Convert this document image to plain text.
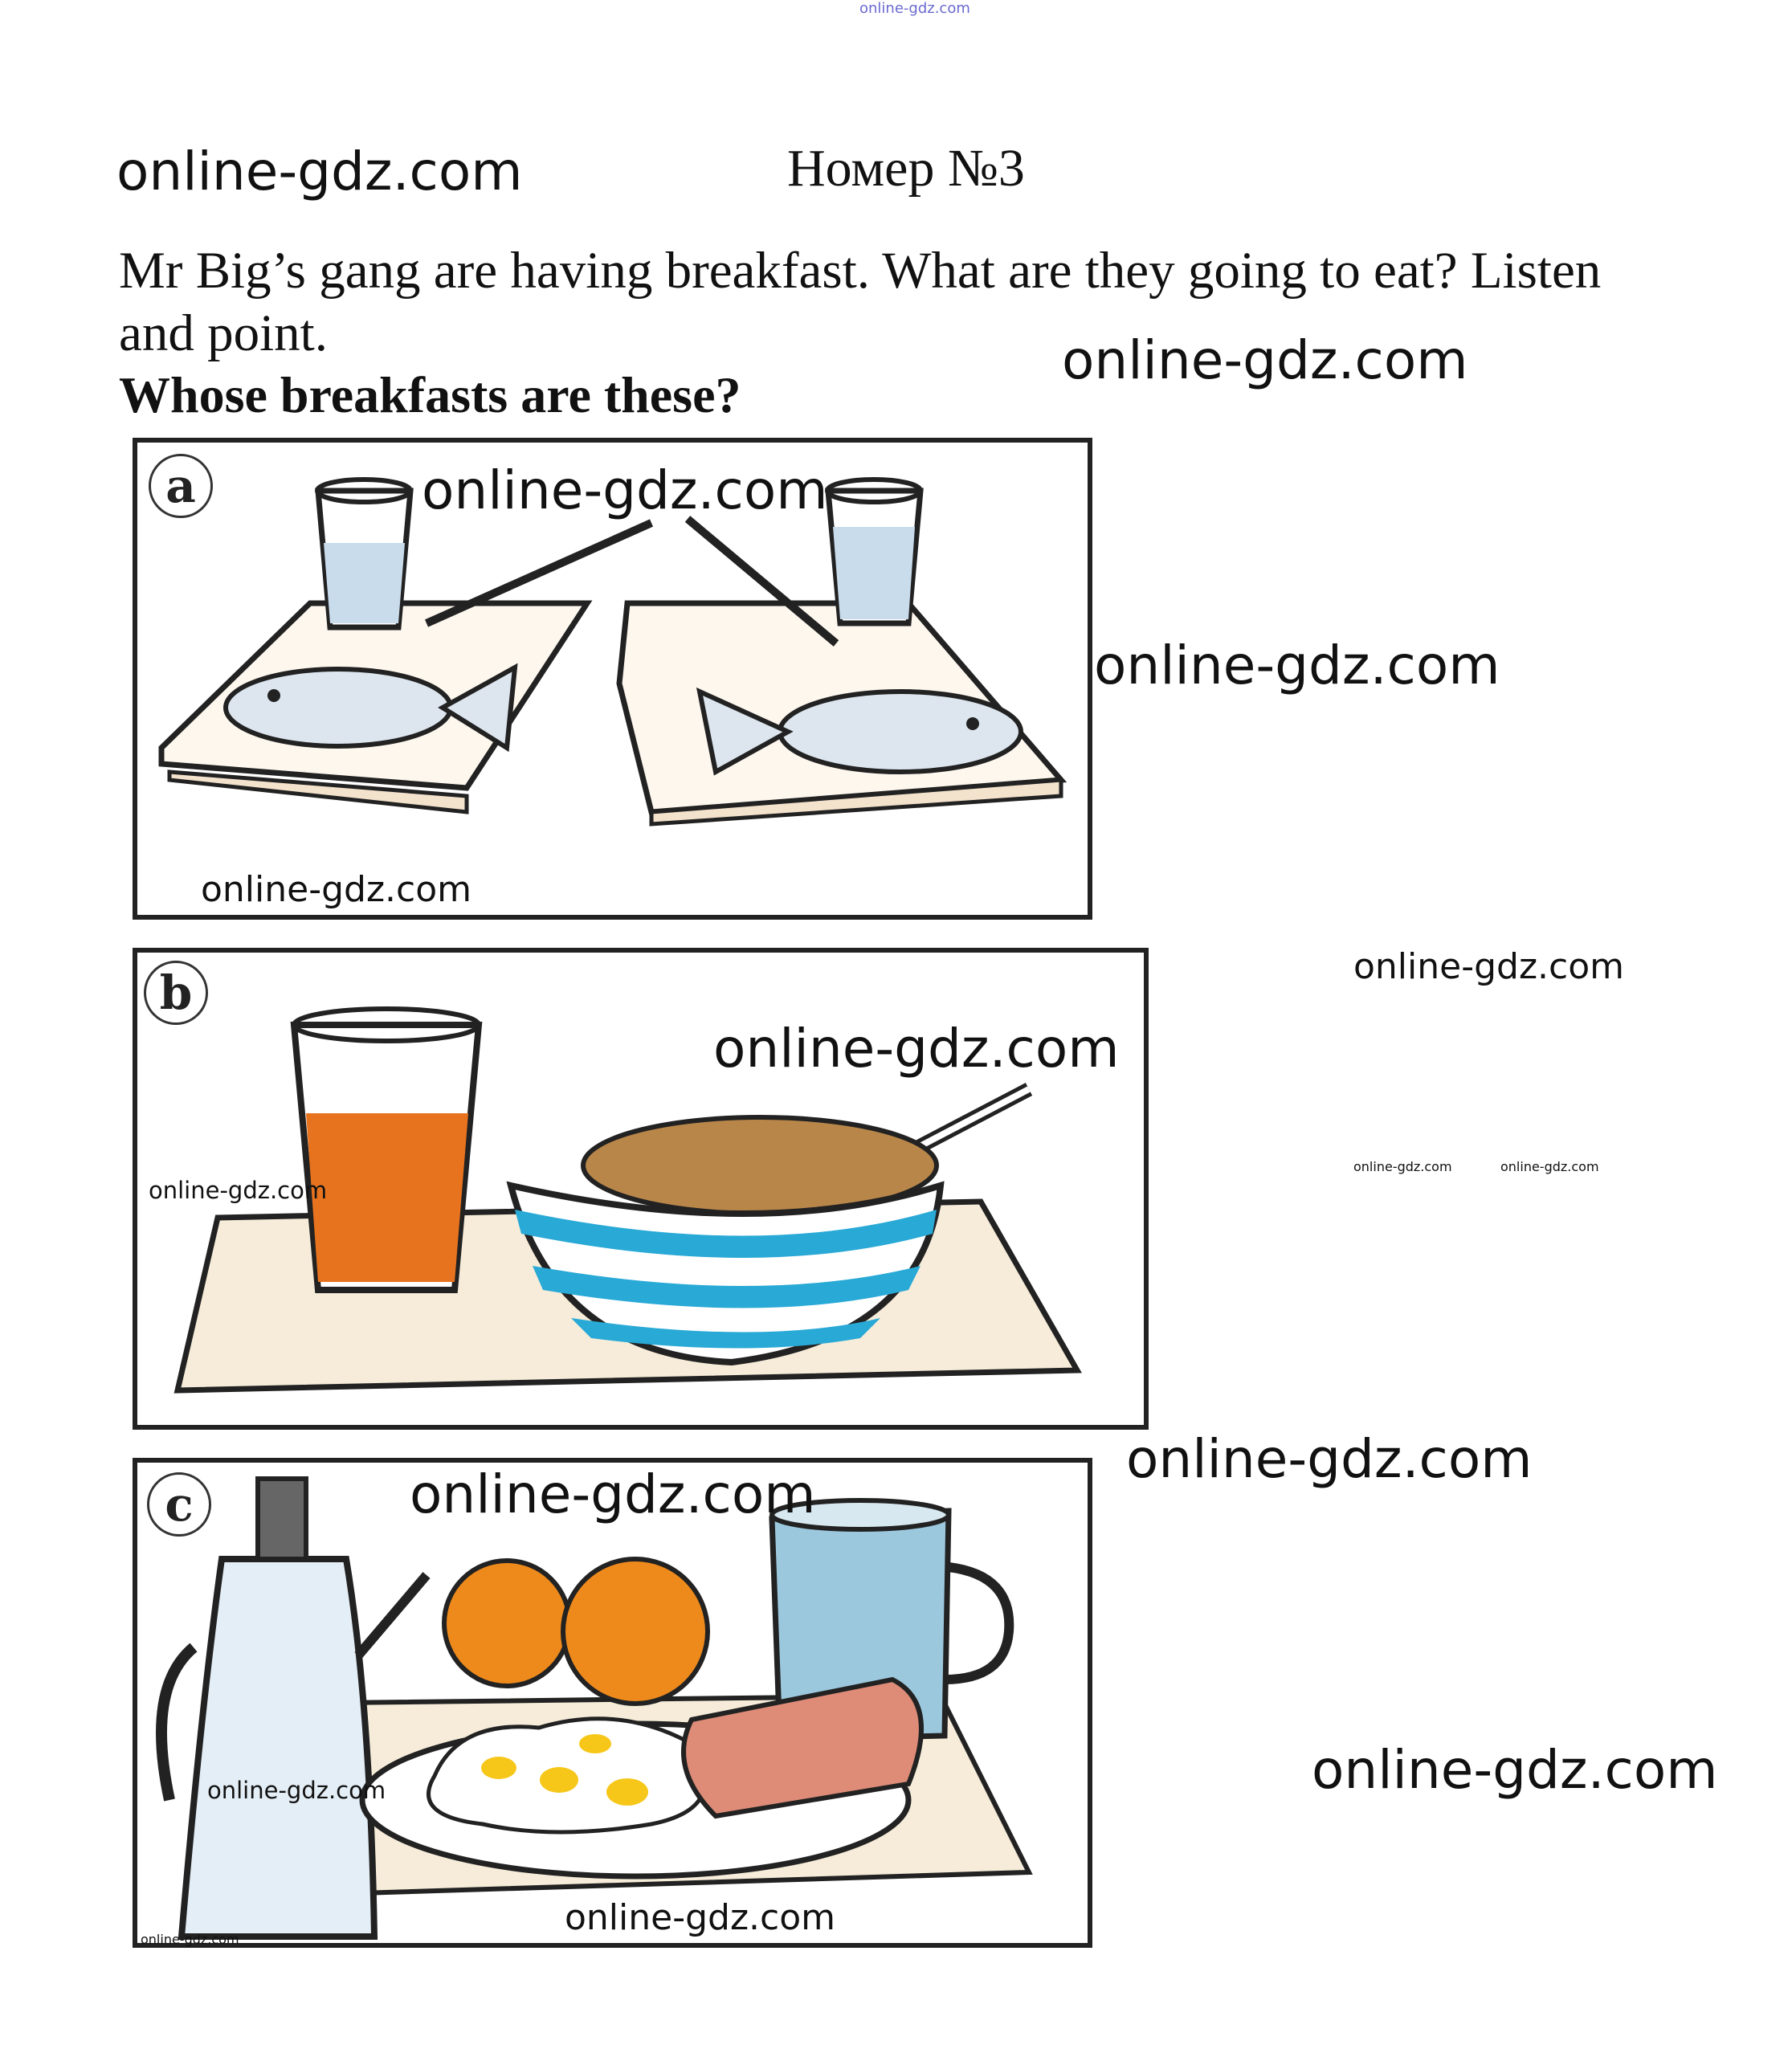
online-gdz.com
online-gdz.com	Номер №3
Mr Big’s gang are having breakfast. What are they going to eat? Listen
and point.
Whose breakfasts are these?
a
b
c
online-gdz.com
online-gdz.com
online-gdz.com
online-gdz.com
online-gdz.com
online-gdz.com
online-gdz.com	online-gdz.com
online-gdz.com
online-gdz.com
online-gdz.com
online-gdz.com
online-gdz.com
online-gdz.com
online-gdz.com
online-gdz.com
